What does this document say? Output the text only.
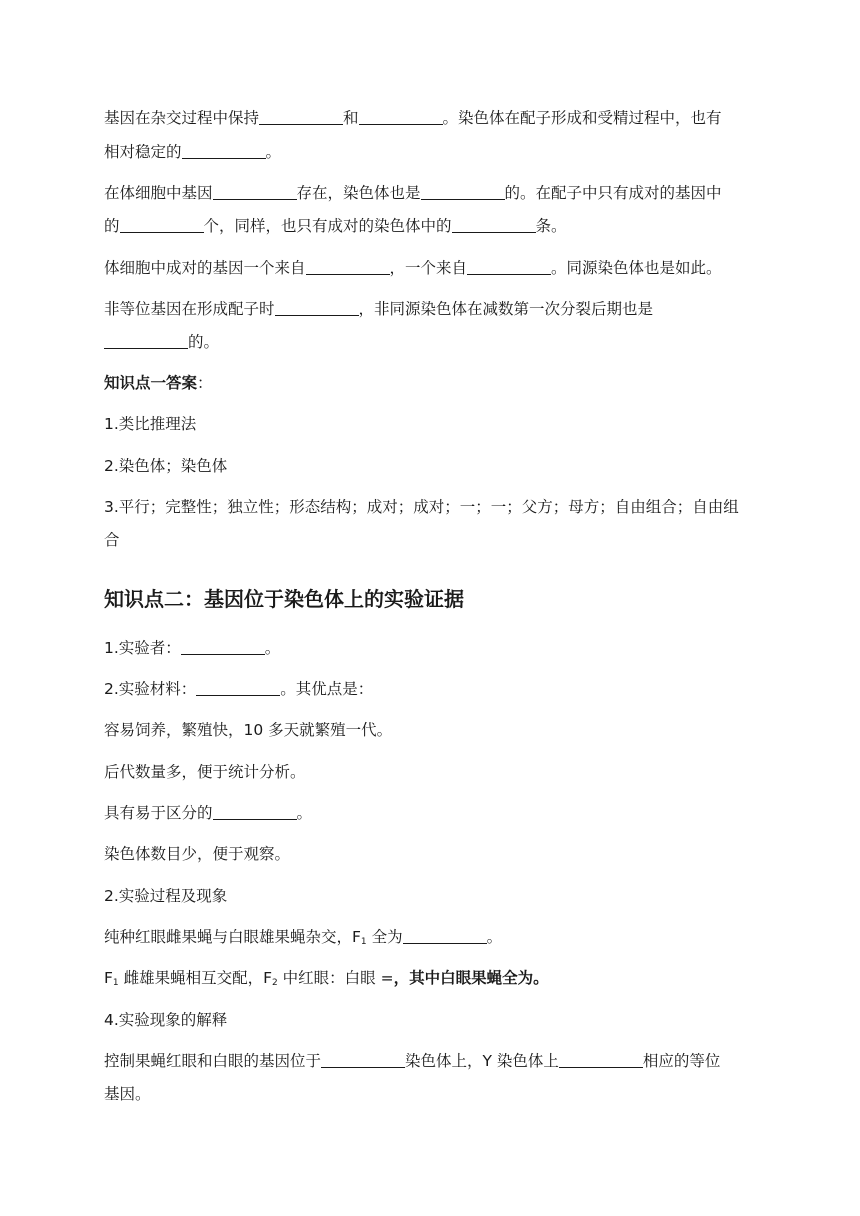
基因在杂交过程中保持	和	。染色体在配子形成和受精过程中，也有
相对稳定的	。
在体细胞中基因	存在，染色体也是	的。在配子中只有成对的基因中
的	个，同样，也只有成对的染色体中的	条。
体细胞中成对的基因一个来自	，一个来自	。同源染色体也是如此。
非等位基因在形成配子时	，非同源染色体在减数第一次分裂后期也是
的。
知识点一答案：
1.类比推理法
2.染色体；染色体
3.平行；完整性；独立性；形态结构；成对；成对；一；一；父方；母方；自由组合；自由组
合
知识点二：基因位于染色体上的实验证据
1.实验者：	。
2.实验材料：	。其优点是：
容易饲养，繁殖快，10 多天就繁殖一代。
后代数量多，便于统计分析。
具有易于区分的	。
染色体数目少，便于观察。
2.实验过程及现象
纯种红眼雌果蝇与白眼雄果蝇杂交，$F_1$ 全为	。
$F_1$ 雌雄果蝇相互交配，$F_2$ 中红眼：白眼 =，其中白眼果蝇全为。
4.实验现象的解释
控制果蝇红眼和白眼的基因位于	染色体上，Y 染色体上	相应的等位
基因。
